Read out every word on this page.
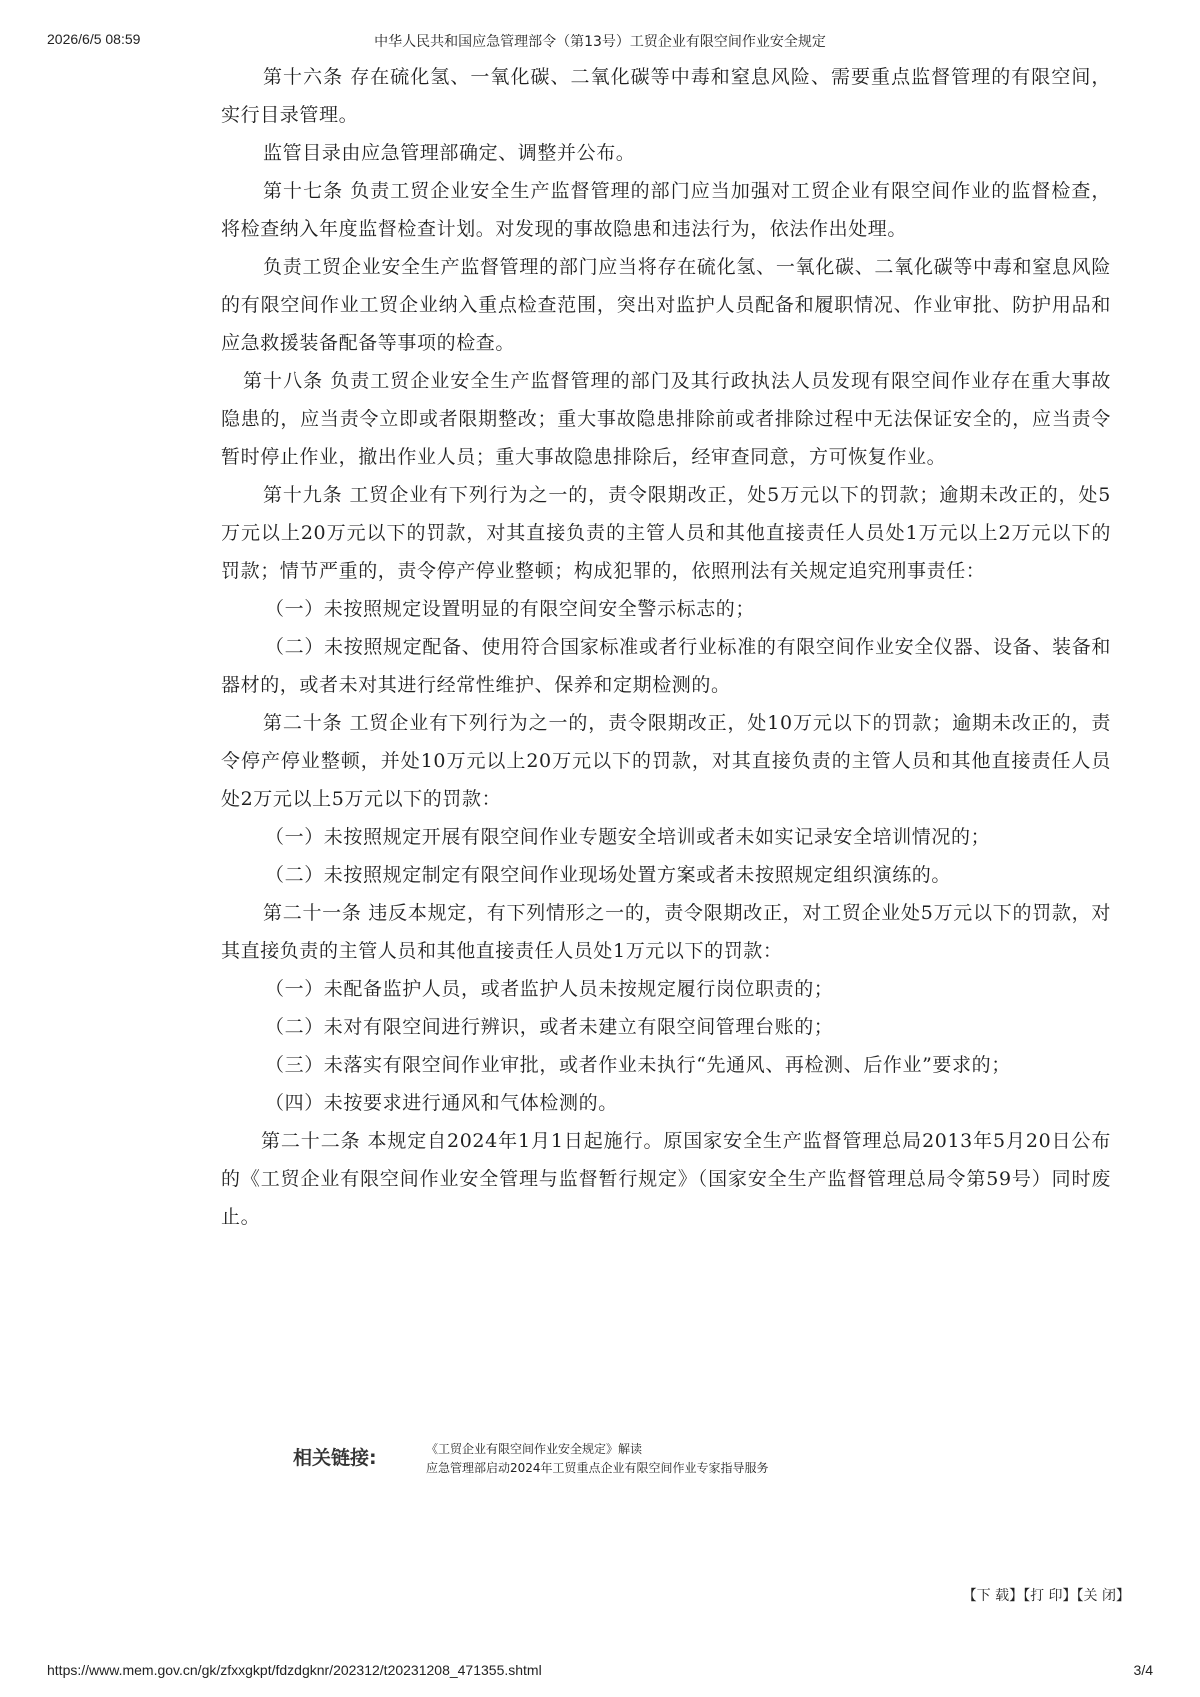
2026/6/5 08:59	中华人民共和国应急管理部令（第13号）工贸企业有限空间作业安全规定

第十六条 存在硫化氢、一氧化碳、二氧化碳等中毒和窒息风险、需要重点监督管理的有限空间，实行目录管理。

监管目录由应急管理部确定、调整并公布。

第十七条 负责工贸企业安全生产监督管理的部门应当加强对工贸企业有限空间作业的监督检查，将检查纳入年度监督检查计划。对发现的事故隐患和违法行为，依法作出处理。

负责工贸企业安全生产监督管理的部门应当将存在硫化氢、一氧化碳、二氧化碳等中毒和窒息风险的有限空间作业工贸企业纳入重点检查范围，突出对监护人员配备和履职情况、作业审批、防护用品和应急救援装备配备等事项的检查。

第十八条 负责工贸企业安全生产监督管理的部门及其行政执法人员发现有限空间作业存在重大事故隐患的，应当责令立即或者限期整改；重大事故隐患排除前或者排除过程中无法保证安全的，应当责令暂时停止作业，撤出作业人员；重大事故隐患排除后，经审查同意，方可恢复作业。

第十九条 工贸企业有下列行为之一的，责令限期改正，处5万元以下的罚款；逾期未改正的，处5万元以上20万元以下的罚款，对其直接负责的主管人员和其他直接责任人员处1万元以上2万元以下的罚款；情节严重的，责令停产停业整顿；构成犯罪的，依照刑法有关规定追究刑事责任：

（一）未按照规定设置明显的有限空间安全警示标志的；

（二）未按照规定配备、使用符合国家标准或者行业标准的有限空间作业安全仪器、设备、装备和器材的，或者未对其进行经常性维护、保养和定期检测的。

第二十条 工贸企业有下列行为之一的，责令限期改正，处10万元以下的罚款；逾期未改正的，责令停产停业整顿，并处10万元以上20万元以下的罚款，对其直接负责的主管人员和其他直接责任人员处2万元以上5万元以下的罚款：

（一）未按照规定开展有限空间作业专题安全培训或者未如实记录安全培训情况的；

（二）未按照规定制定有限空间作业现场处置方案或者未按照规定组织演练的。

第二十一条 违反本规定，有下列情形之一的，责令限期改正，对工贸企业处5万元以下的罚款，对其直接负责的主管人员和其他直接责任人员处1万元以下的罚款：

（一）未配备监护人员，或者监护人员未按规定履行岗位职责的；

（二）未对有限空间进行辨识，或者未建立有限空间管理台账的；

（三）未落实有限空间作业审批，或者作业未执行“先通风、再检测、后作业”要求的；

（四）未按要求进行通风和气体检测的。

第二十二条 本规定自2024年1月1日起施行。原国家安全生产监督管理总局2013年5月20日公布的《工贸企业有限空间作业安全管理与监督暂行规定》（国家安全生产监督管理总局令第59号）同时废止。

相关链接:	《工贸企业有限空间作业安全规定》解读
应急管理部启动2024年工贸重点企业有限空间作业专家指导服务
【下 载】【打 印】【关 闭】
https://www.mem.gov.cn/gk/zfxxgkpt/fdzdgknr/202312/t20231208_471355.shtml	3/4
